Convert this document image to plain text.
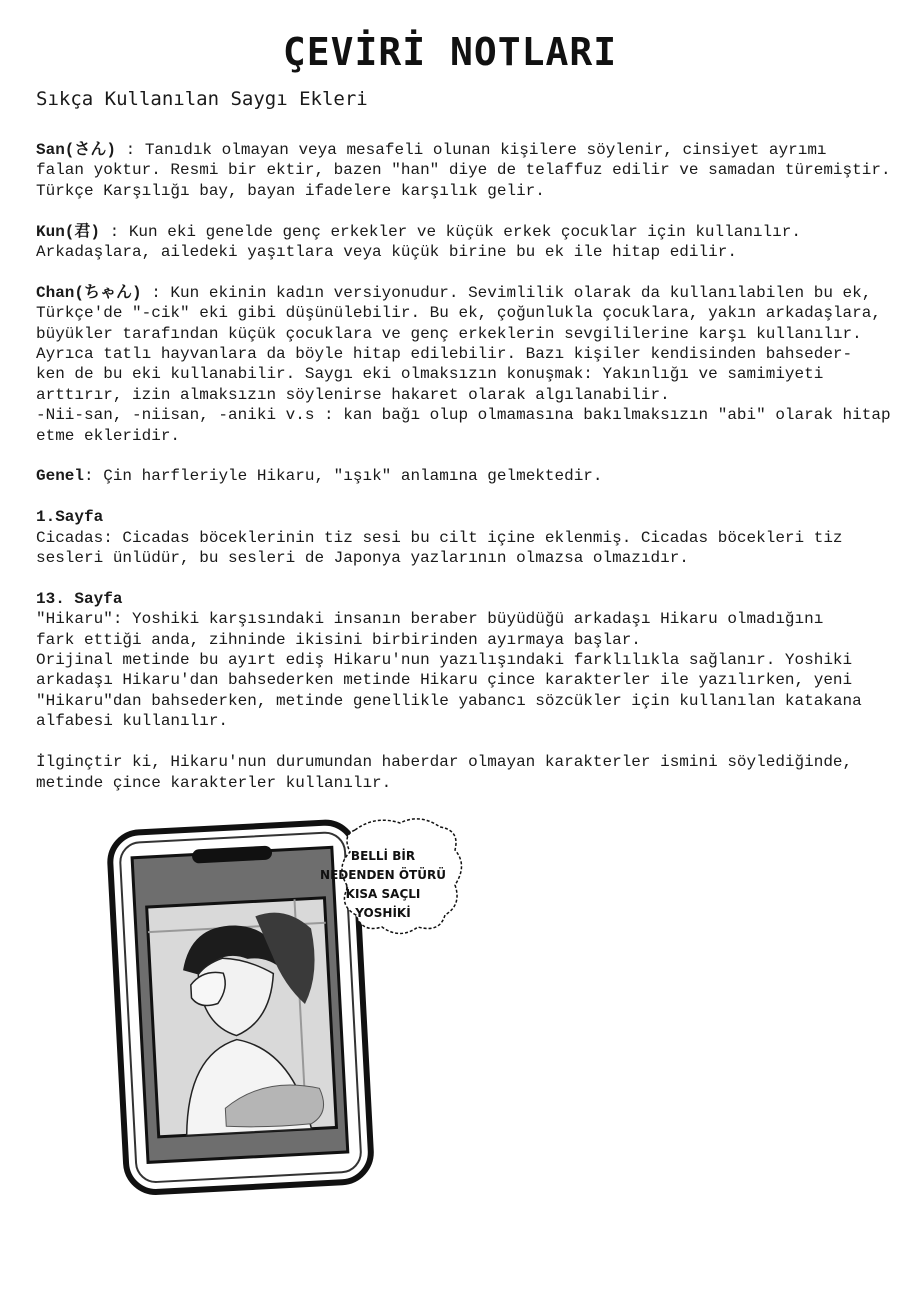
ÇEVİRİ NOTLARI
Sıkça Kullanılan Saygı Ekleri

San(さん) : Tanıdık olmayan veya mesafeli olunan kişilere söylenir, cinsiyet ayrımı
falan yoktur. Resmi bir ektir, bazen "han" diye de telaffuz edilir ve samadan türemiştir.
Türkçe Karşılığı bay, bayan ifadelere karşılık gelir.

Kun(君) : Kun eki genelde genç erkekler ve küçük erkek çocuklar için kullanılır.
Arkadaşlara, ailedeki yaşıtlara veya küçük birine bu ek ile hitap edilir.

Chan(ちゃん) : Kun ekinin kadın versiyonudur. Sevimlilik olarak da kullanılabilen bu ek,
Türkçe'de "-cik" eki gibi düşünülebilir. Bu ek, çoğunlukla çocuklara, yakın arkadaşlara,
büyükler tarafından küçük çocuklara ve genç erkeklerin sevgililerine karşı kullanılır.
Ayrıca tatlı hayvanlara da böyle hitap edilebilir. Bazı kişiler kendisinden bahseder-
ken de bu eki kullanabilir. Saygı eki olmaksızın konuşmak: Yakınlığı ve samimiyeti
arttırır, izin almaksızın söylenirse hakaret olarak algılanabilir.
-Nii-san, -niisan, -aniki v.s : kan bağı olup olmamasına bakılmaksızın "abi" olarak hitap
etme ekleridir.

Genel: Çin harfleriyle Hikaru, "ışık" anlamına gelmektedir.

1.Sayfa
Cicadas: Cicadas böceklerinin tiz sesi bu cilt içine eklenmiş. Cicadas böcekleri tiz
sesleri ünlüdür, bu sesleri de Japonya yazlarının olmazsa olmazıdır.

13. Sayfa
"Hikaru": Yoshiki karşısındaki insanın beraber büyüdüğü arkadaşı Hikaru olmadığını
fark ettiği anda, zihninde ikisini birbirinden ayırmaya başlar.
Orijinal metinde bu ayırt ediş Hikaru'nun yazılışındaki farklılıkla sağlanır. Yoshiki
arkadaşı Hikaru'dan bahsederken metinde Hikaru çince karakterler ile yazılırken, yeni
"Hikaru"dan bahsederken, metinde genellikle yabancı sözcükler için kullanılan katakana
alfabesi kullanılır.

İlginçtir ki, Hikaru'nun durumundan haberdar olmayan karakterler ismini söylediğinde,
metinde çince karakterler kullanılır.

BELLİ BİR
NEDENDEN ÖTÜRÜ
KISA SAÇLI
YOSHİKİ
